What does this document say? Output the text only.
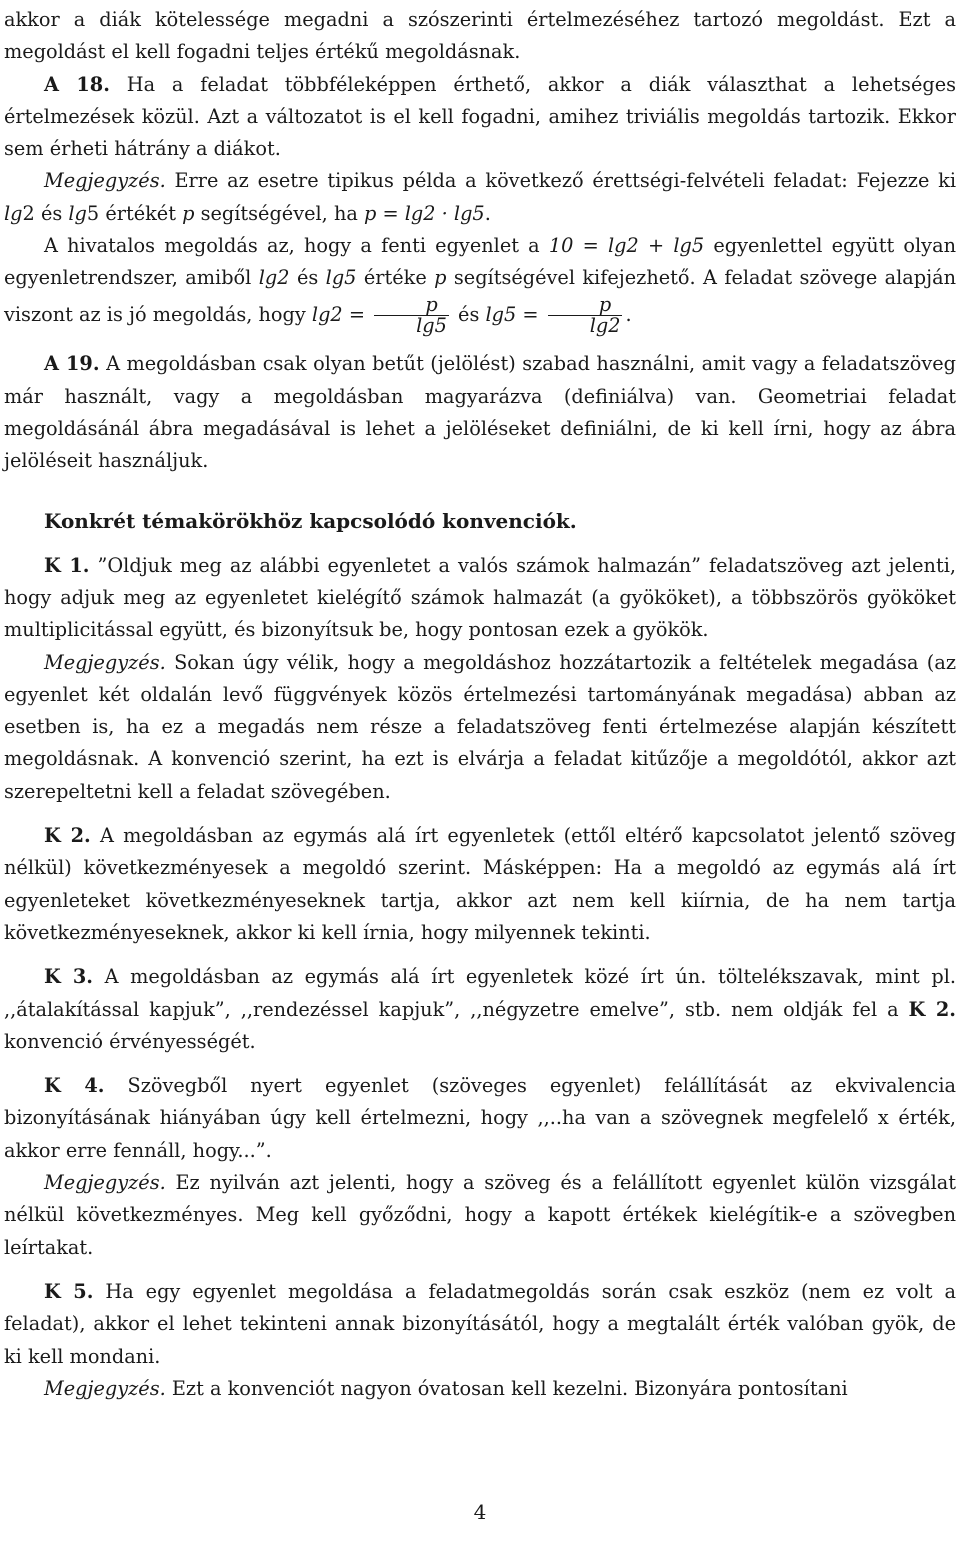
akkor a diák kötelessége megadni a szószerinti értelmezéséhez tartozó megoldást. Ezt a megoldást el kell fogadni teljes értékű megoldásnak.

A 18. Ha a feladat többféleképpen érthető, akkor a diák választhat a lehetséges értelmezések közül. Azt a változatot is el kell fogadni, amihez triviális megoldás tartozik. Ekkor sem érheti hátrány a diákot.

Megjegyzés. Erre az esetre tipikus példa a következő érettségi-felvételi feladat: Fejezze ki lg2 és lg5 értékét p segítségével, ha p = lg2 · lg5.

A hivatalos megoldás az, hogy a fenti egyenlet a 10 = lg2 + lg5 egyenlettel együtt olyan egyenletrendszer, amiből lg2 és lg5 értéke p segítségével kifejezhető. A feladat szövege alapján viszont az is jó megoldás, hogy $\lg 2 = \frac{p}{\lg 5}$ és $\lg 5 = \frac{p}{\lg 2}$ .

A 19. A megoldásban csak olyan betűt (jelölést) szabad használni, amit vagy a feladatszöveg már használt, vagy a megoldásban magyarázva (definiálva) van. Geometriai feladat megoldásánál ábra megadásával is lehet a jelöléseket definiálni, de ki kell írni, hogy az ábra jelöléseit használjuk.

Konkrét témakörökhöz kapcsolódó konvenciók.

K 1. ”Oldjuk meg az alábbi egyenletet a valós számok halmazán” feladatszöveg azt jelenti, hogy adjuk meg az egyenletet kielégítő számok halmazát (a gyököket), a többszörös gyököket multiplicitással együtt, és bizonyítsuk be, hogy pontosan ezek a gyökök.

Megjegyzés. Sokan úgy vélik, hogy a megoldáshoz hozzátartozik a feltételek megadása (az egyenlet két oldalán levő függvények közös értelmezési tartományának megadása) abban az esetben is, ha ez a megadás nem része a feladatszöveg fenti értelmezése alapján készített megoldásnak. A konvenció szerint, ha ezt is elvárja a feladat kitűzője a megoldótól, akkor azt szerepeltetni kell a feladat szövegében.

K 2. A megoldásban az egymás alá írt egyenletek (ettől eltérő kapcsolatot jelentő szöveg nélkül) következményesek a megoldó szerint. Másképpen: Ha a megoldó az egymás alá írt egyenleteket következményeseknek tartja, akkor azt nem kell kiírnia, de ha nem tartja következményeseknek, akkor ki kell írnia, hogy milyennek tekinti.

K 3. A megoldásban az egymás alá írt egyenletek közé írt ún. töltelékszavak, mint pl. ,,átalakítással kapjuk”, ,,rendezéssel kapjuk”, ,,négyzetre emelve”, stb. nem oldják fel a K 2. konvenció érvényességét.

K 4. Szövegből nyert egyenlet (szöveges egyenlet) felállítását az ekvivalencia bizonyításának hiányában úgy kell értelmezni, hogy ,,..ha van a szövegnek megfelelő x érték, akkor erre fennáll, hogy...”.

Megjegyzés. Ez nyilván azt jelenti, hogy a szöveg és a felállított egyenlet külön vizsgálat nélkül következményes. Meg kell győződni, hogy a kapott értékek kielégítik-e a szövegben leírtakat.

K 5. Ha egy egyenlet megoldása a feladatmegoldás során csak eszköz (nem ez volt a feladat), akkor el lehet tekinteni annak bizonyításától, hogy a megtalált érték valóban gyök, de ki kell mondani.

Megjegyzés. Ezt a konvenciót nagyon óvatosan kell kezelni. Bizonyára pontosítani

4
